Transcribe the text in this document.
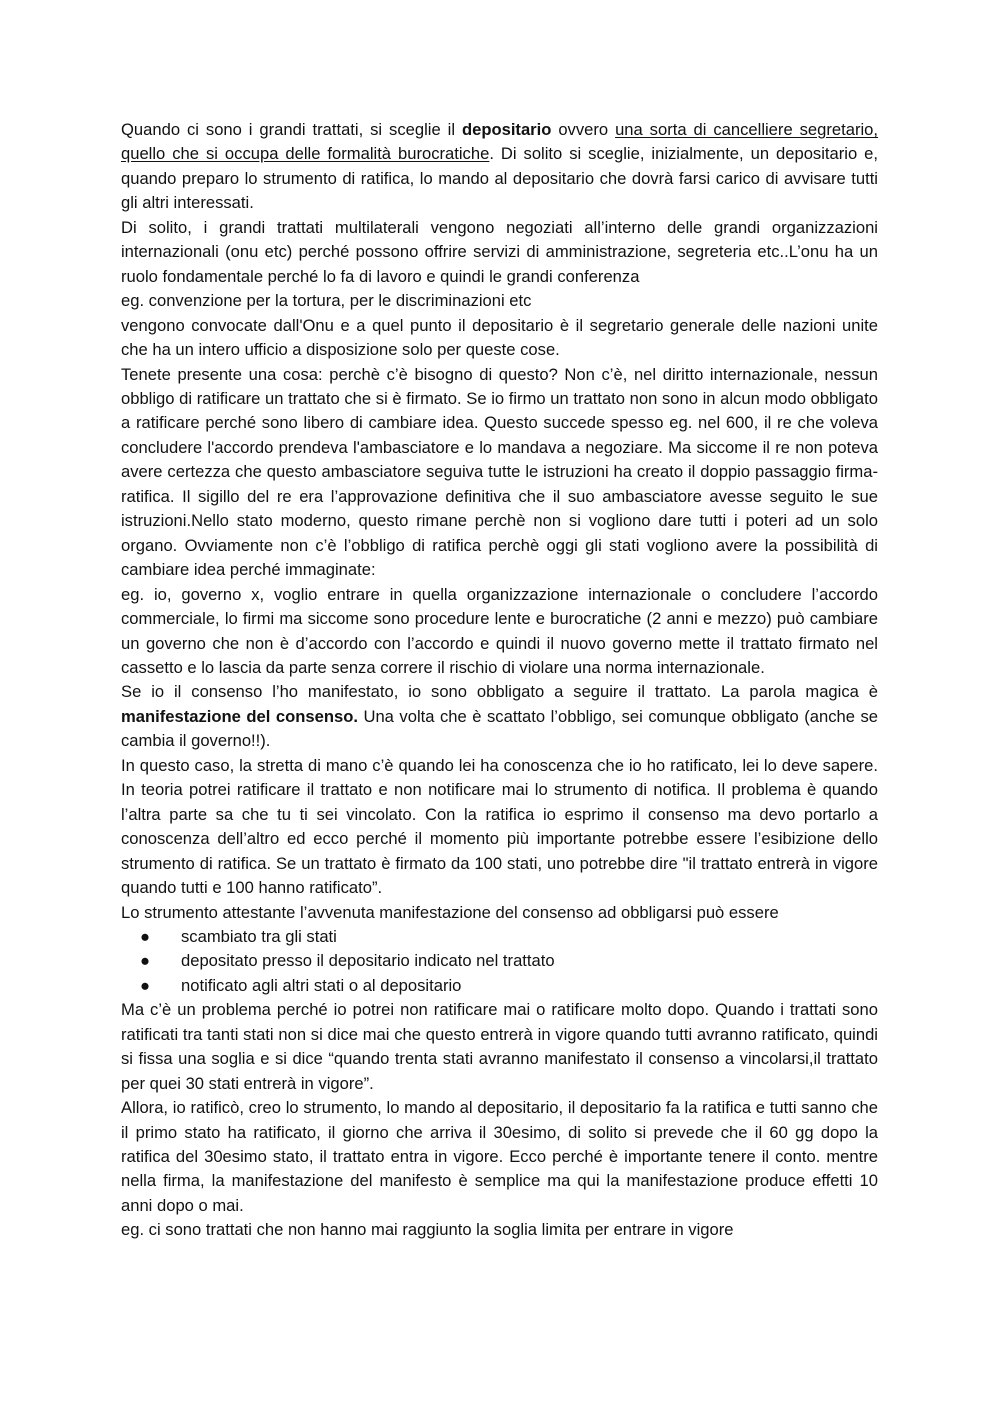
Quando ci sono i grandi trattati, si sceglie il depositario ovvero una sorta di cancelliere segretario, quello che si occupa delle formalità burocratiche. Di solito si sceglie, inizialmente, un depositario e, quando preparo lo strumento di ratifica, lo mando al depositario che dovrà farsi carico di avvisare tutti gli altri interessati.

Di solito, i grandi trattati multilaterali vengono negoziati all’interno delle grandi organizzazioni internazionali (onu etc) perché possono offrire servizi di amministrazione, segreteria etc..L’onu ha un ruolo fondamentale perché lo fa di lavoro e quindi le grandi conferenza

eg. convenzione per la tortura, per le discriminazioni etc

vengono convocate dall'Onu e a quel punto il depositario è il segretario generale delle nazioni unite che ha un intero ufficio a disposizione solo per queste cose.

Tenete presente una cosa: perchè c’è bisogno di questo? Non c’è, nel diritto internazionale, nessun obbligo di ratificare un trattato che si è firmato. Se io firmo un trattato non sono in alcun modo obbligato a ratificare perché sono libero di cambiare idea. Questo succede spesso eg. nel 600, il re che voleva concludere l'accordo prendeva l'ambasciatore e lo mandava a negoziare. Ma siccome il re non poteva avere certezza che questo ambasciatore seguiva tutte le istruzioni ha creato il doppio passaggio firma-ratifica. Il sigillo del re era l’approvazione definitiva che il suo ambasciatore avesse seguito le sue istruzioni.Nello stato moderno, questo rimane perchè non si vogliono dare tutti i poteri ad un solo organo. Ovviamente non c’è l’obbligo di ratifica perchè oggi gli stati vogliono avere la possibilità di cambiare idea perché immaginate:

eg. io, governo x, voglio entrare in quella organizzazione internazionale o concludere l’accordo commerciale, lo firmi ma siccome sono procedure lente e burocratiche (2 anni e mezzo) può cambiare un governo che non è d’accordo con l’accordo e quindi il nuovo governo mette il trattato firmato nel cassetto e lo lascia da parte senza correre il rischio di violare una norma internazionale.

Se io il consenso l’ho manifestato, io sono obbligato a seguire il trattato. La parola magica è manifestazione del consenso. Una volta che è scattato l’obbligo, sei comunque obbligato (anche se cambia il governo!!).

In questo caso, la stretta di mano c’è quando lei ha conoscenza che io ho ratificato, lei lo deve sapere. In teoria potrei ratificare il trattato e non notificare mai lo strumento di notifica. Il problema è quando l’altra parte sa che tu ti sei vincolato. Con la ratifica io esprimo il consenso ma devo portarlo a conoscenza dell’altro ed ecco perché il momento più importante potrebbe essere l’esibizione dello strumento di ratifica. Se un trattato è firmato da 100 stati, uno potrebbe dire "il trattato entrerà in vigore quando tutti e 100 hanno ratificato”.

Lo strumento attestante l’avvenuta manifestazione del consenso ad obbligarsi può essere

● scambiato tra gli stati
● depositato presso il depositario indicato nel trattato
● notificato agli altri stati o al depositario

Ma c’è un problema perché io potrei non ratificare mai o ratificare molto dopo. Quando i trattati sono ratificati tra tanti stati non si dice mai che questo entrerà in vigore quando tutti avranno ratificato, quindi si fissa una soglia e si dice “quando trenta stati avranno manifestato il consenso a vincolarsi,il trattato per quei 30 stati entrerà in vigore”.

Allora, io ratificò, creo lo strumento, lo mando al depositario, il depositario fa la ratifica e tutti sanno che il primo stato ha ratificato, il giorno che arriva il 30esimo, di solito si prevede che il 60 gg dopo la ratifica del 30esimo stato, il trattato entra in vigore. Ecco perché è importante tenere il conto. mentre nella firma, la manifestazione del manifesto è semplice ma qui la manifestazione produce effetti 10 anni dopo o mai.

eg. ci sono trattati che non hanno mai raggiunto la soglia limita per entrare in vigore
